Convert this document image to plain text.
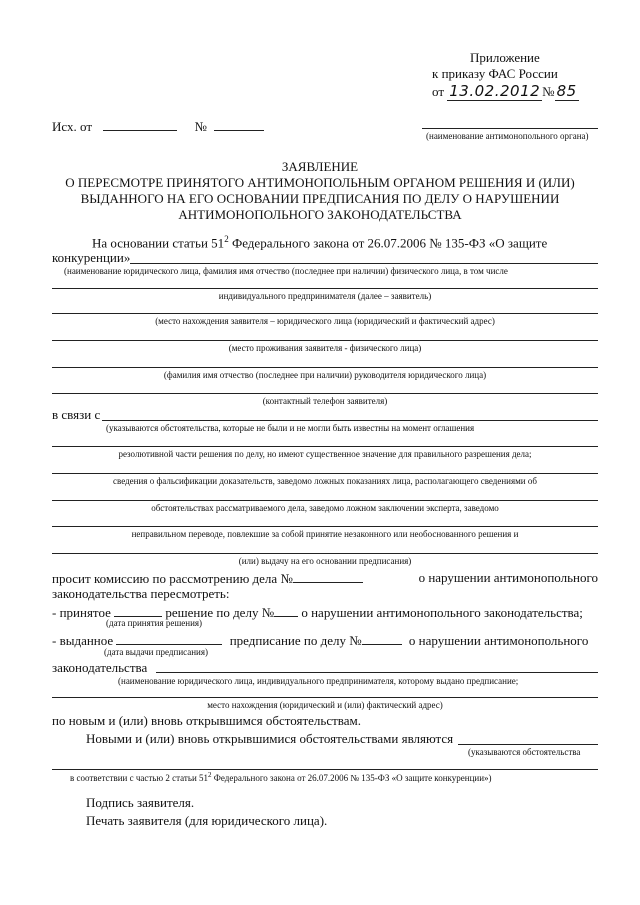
Приложение
к приказу ФАС России
от 13.02.2012 № 85
Исх. от	№
(наименование антимонопольного органа)
ЗАЯВЛЕНИЕ
О ПЕРЕСМОТРЕ ПРИНЯТОГО АНТИМОНОПОЛЬНЫМ ОРГАНОМ РЕШЕНИЯ И (ИЛИ)
ВЫДАННОГО НА ЕГО ОСНОВАНИИ ПРЕДПИСАНИЯ ПО ДЕЛУ О НАРУШЕНИИ
АНТИМОНОПОЛЬНОГО ЗАКОНОДАТЕЛЬСТВА
На основании статьи $51^2$ Федерального закона от 26.07.2006 № 135-ФЗ «О защите
конкуренции»
(наименование юридического лица, фамилия имя отчество (последнее при наличии) физического лица, в том числе
индивидуального предпринимателя (далее – заявитель)
(место нахождения заявителя – юридического лица (юридический и фактический адрес)
(место проживания заявителя - физического лица)
(фамилия имя отчество (последнее при наличии) руководителя юридического лица)
(контактный телефон заявителя)
в связи с
(указываются обстоятельства, которые не были и не могли быть известны на момент оглашения
резолютивной части решения по делу, но имеют существенное значение для правильного разрешения дела;
сведения о фальсификации доказательств, заведомо ложных показаниях лица, располагающего сведениями об
обстоятельствах рассматриваемого дела, заведомо ложном заключении эксперта, заведомо
неправильном переводе, повлекшие за собой принятие незаконного или необоснованного решения и
(или) выдачу на его основании предписания)
просит комиссию по рассмотрению дела №	о нарушении антимонопольного
законодательства пересмотреть:
- принятое	решение по делу № о нарушении антимонопольного законодательства;
(дата принятия решения)
- выданное	предписание по делу №	о нарушении антимонопольного
(дата выдачи предписания)
законодательства
(наименование юридического лица, индивидуального предпринимателя, которому выдано предписание;
место нахождения (юридический и (или) фактический адрес)
по новым и (или) вновь открывшимся обстоятельствам.
Новыми и (или) вновь открывшимися обстоятельствами являются
(указываются обстоятельства
в соответствии с частью 2 статьи $51^2$ Федерального закона от 26.07.2006 № 135-ФЗ «О защите конкуренции»)
Подпись заявителя.
Печать заявителя (для юридического лица).
